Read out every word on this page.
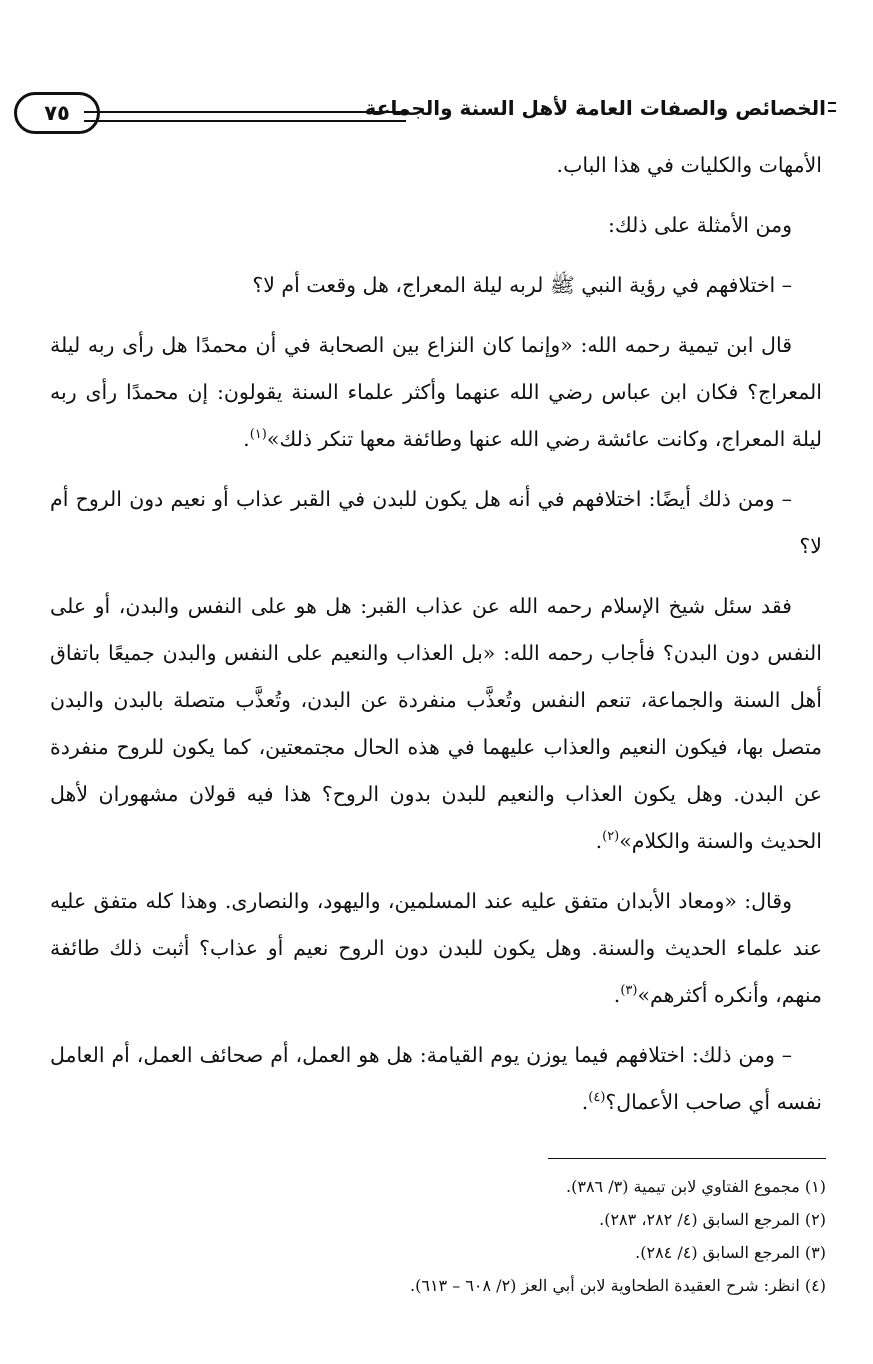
الخصائص والصفات العامة لأهل السنة والجماعة
٧٥

الأمهات والكليات في هذا الباب.

ومن الأمثلة على ذلك:

– اختلافهم في رؤية النبي ﷺ لربه ليلة المعراج، هل وقعت أم لا؟

قال ابن تيمية رحمه الله: «وإنما كان النزاع بين الصحابة في أن محمدًا هل رأى ربه ليلة المعراج؟ فكان ابن عباس رضي الله عنهما وأكثر علماء السنة يقولون: إن محمدًا رأى ربه ليلة المعراج، وكانت عائشة رضي الله عنها وطائفة معها تنكر ذلك»$^{(١)}$.

– ومن ذلك أيضًا: اختلافهم في أنه هل يكون للبدن في القبر عذاب أو نعيم دون الروح أم لا؟

فقد سئل شيخ الإسلام رحمه الله عن عذاب القبر: هل هو على النفس والبدن، أو على النفس دون البدن؟ فأجاب رحمه الله: «بل العذاب والنعيم على النفس والبدن جميعًا باتفاق أهل السنة والجماعة، تنعم النفس وتُعذَّب منفردة عن البدن، وتُعذَّب متصلة بالبدن والبدن متصل بها، فيكون النعيم والعذاب عليهما في هذه الحال مجتمعتين، كما يكون للروح منفردة عن البدن. وهل يكون العذاب والنعيم للبدن بدون الروح؟ هذا فيه قولان مشهوران لأهل الحديث والسنة والكلام»$^{(٢)}$.

وقال: «ومعاد الأبدان متفق عليه عند المسلمين، واليهود، والنصارى. وهذا كله متفق عليه عند علماء الحديث والسنة. وهل يكون للبدن دون الروح نعيم أو عذاب؟ أثبت ذلك طائفة منهم، وأنكره أكثرهم»$^{(٣)}$.

– ومن ذلك: اختلافهم فيما يوزن يوم القيامة: هل هو العمل، أم صحائف العمل، أم العامل نفسه أي صاحب الأعمال؟$^{(٤)}$.

(١) مجموع الفتاوي لابن تيمية (٣/ ٣٨٦).
(٢) المرجع السابق (٤/ ٢٨٢، ٢٨٣).
(٣) المرجع السابق (٤/ ٢٨٤).
(٤) انظر: شرح العقيدة الطحاوية لابن أبي العز (٢/ ٦٠٨ – ٦١٣).
